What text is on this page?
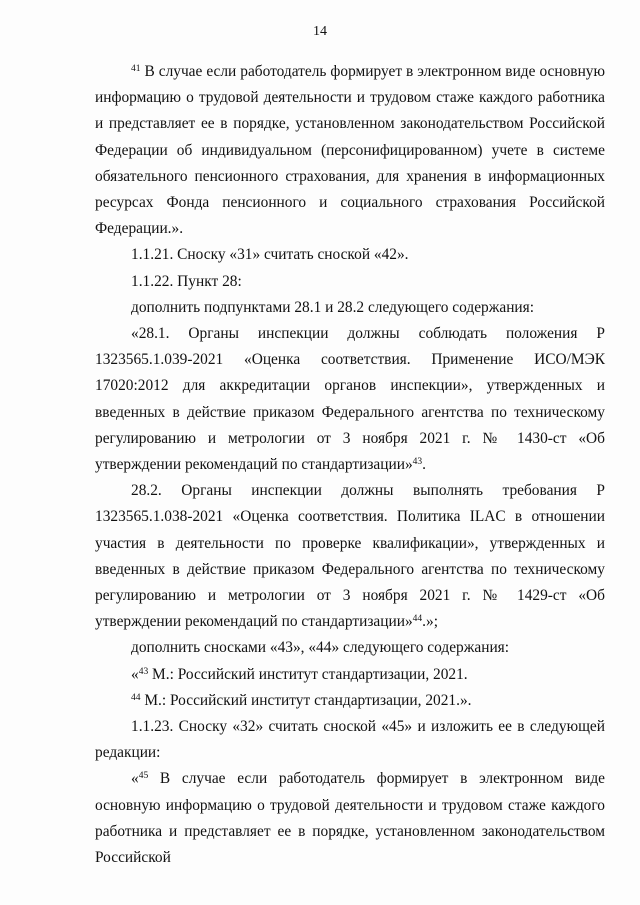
14

$^{41}$ В случае если работодатель формирует в электронном виде основную информацию о трудовой деятельности и трудовом стаже каждого работника и представляет ее в порядке, установленном законодательством Российской Федерации об индивидуальном (персонифицированном) учете в системе обязательного пенсионного страхования, для хранения в информационных ресурсах Фонда пенсионного и социального страхования Российской Федерации.».

1.1.21. Сноску «31» считать сноской «42».

1.1.22. Пункт 28:

дополнить подпунктами 28.1 и 28.2 следующего содержания:

«28.1. Органы инспекции должны соблюдать положения Р 1323565.1.039-2021 «Оценка соответствия. Применение ИСО/МЭК 17020:2012 для аккредитации органов инспекции», утвержденных и введенных в действие приказом Федерального агентства по техническому регулированию и метрологии от 3 ноября 2021 г. № 1430-ст «Об утверждении рекомендаций по стандартизации»$^{43}$.

28.2. Органы инспекции должны выполнять требования Р 1323565.1.038-2021 «Оценка соответствия. Политика ILAC в отношении участия в деятельности по проверке квалификации», утвержденных и введенных в действие приказом Федерального агентства по техническому регулированию и метрологии от 3 ноября 2021 г. № 1429-ст «Об утверждении рекомендаций по стандартизации»$^{44}$.»;

дополнить сносками «43», «44» следующего содержания:

«$^{43}$ М.: Российский институт стандартизации, 2021.

$^{44}$ М.: Российский институт стандартизации, 2021.».

1.1.23. Сноску «32» считать сноской «45» и изложить ее в следующей редакции:

«$^{45}$ В случае если работодатель формирует в электронном виде основную информацию о трудовой деятельности и трудовом стаже каждого работника и представляет ее в порядке, установленном законодательством Российской
